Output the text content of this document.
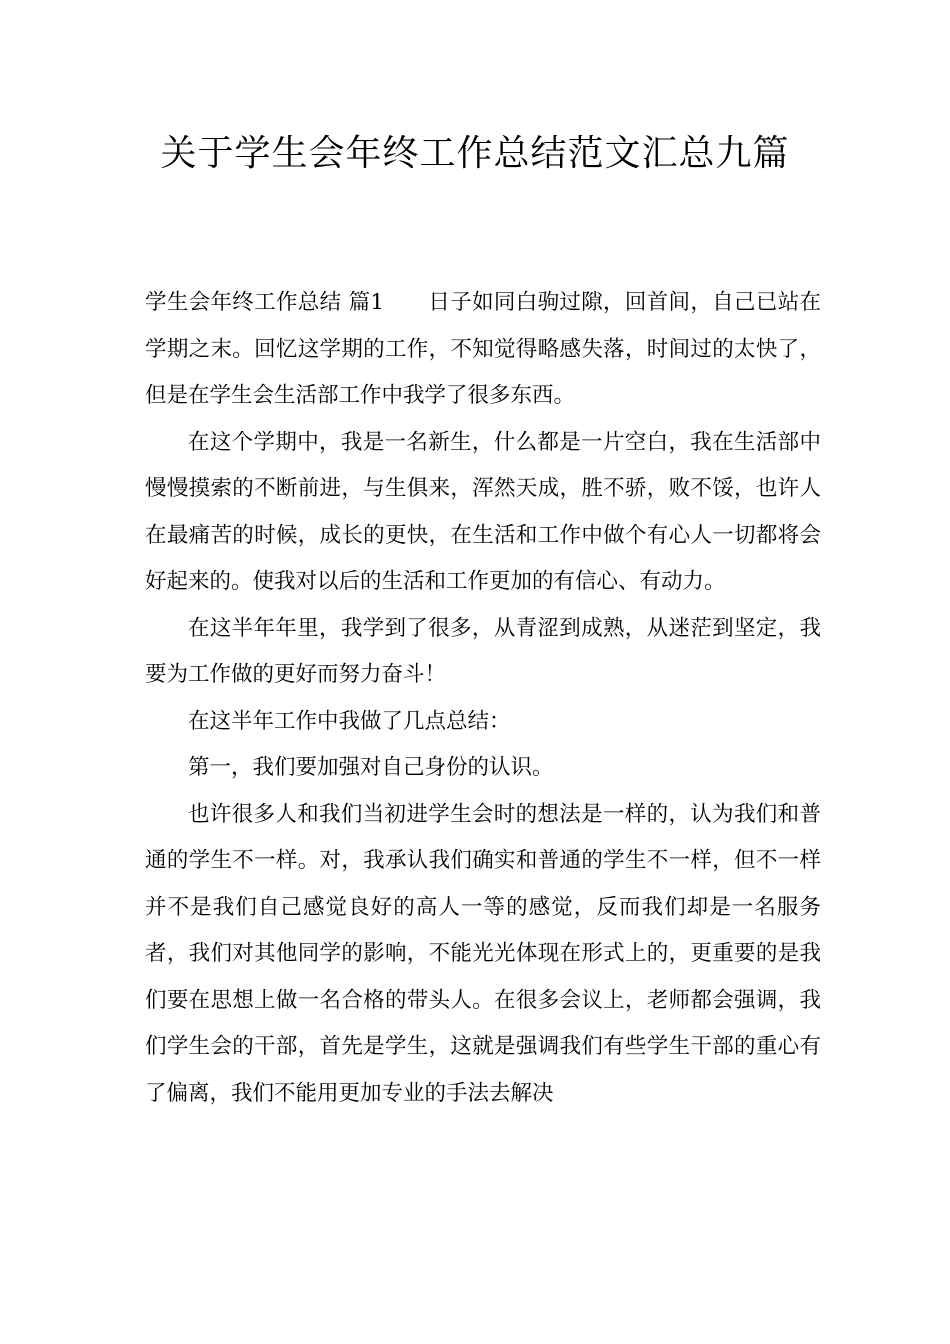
关于学生会年终工作总结范文汇总九篇

学生会年终工作总结 篇1 日子如同白驹过隙，回首间，自己已站在学期之末。回忆这学期的工作，不知觉得略感失落，时间过的太快了，但是在学生会生活部工作中我学了很多东西。

在这个学期中，我是一名新生，什么都是一片空白，我在生活部中慢慢摸索的不断前进，与生俱来，浑然天成，胜不骄，败不馁，也许人在最痛苦的时候，成长的更快，在生活和工作中做个有心人一切都将会好起来的。使我对以后的生活和工作更加的有信心、有动力。

在这半年年里，我学到了很多，从青涩到成熟，从迷茫到坚定，我要为工作做的更好而努力奋斗！

在这半年工作中我做了几点总结：

第一，我们要加强对自己身份的认识。

也许很多人和我们当初进学生会时的想法是一样的，认为我们和普通的学生不一样。对，我承认我们确实和普通的学生不一样，但不一样并不是我们自己感觉良好的高人一等的感觉，反而我们却是一名服务者，我们对其他同学的影响，不能光光体现在形式上的，更重要的是我们要在思想上做一名合格的带头人。在很多会议上，老师都会强调，我们学生会的干部，首先是学生，这就是强调我们有些学生干部的重心有了偏离，我们不能用更加专业的手法去解决
